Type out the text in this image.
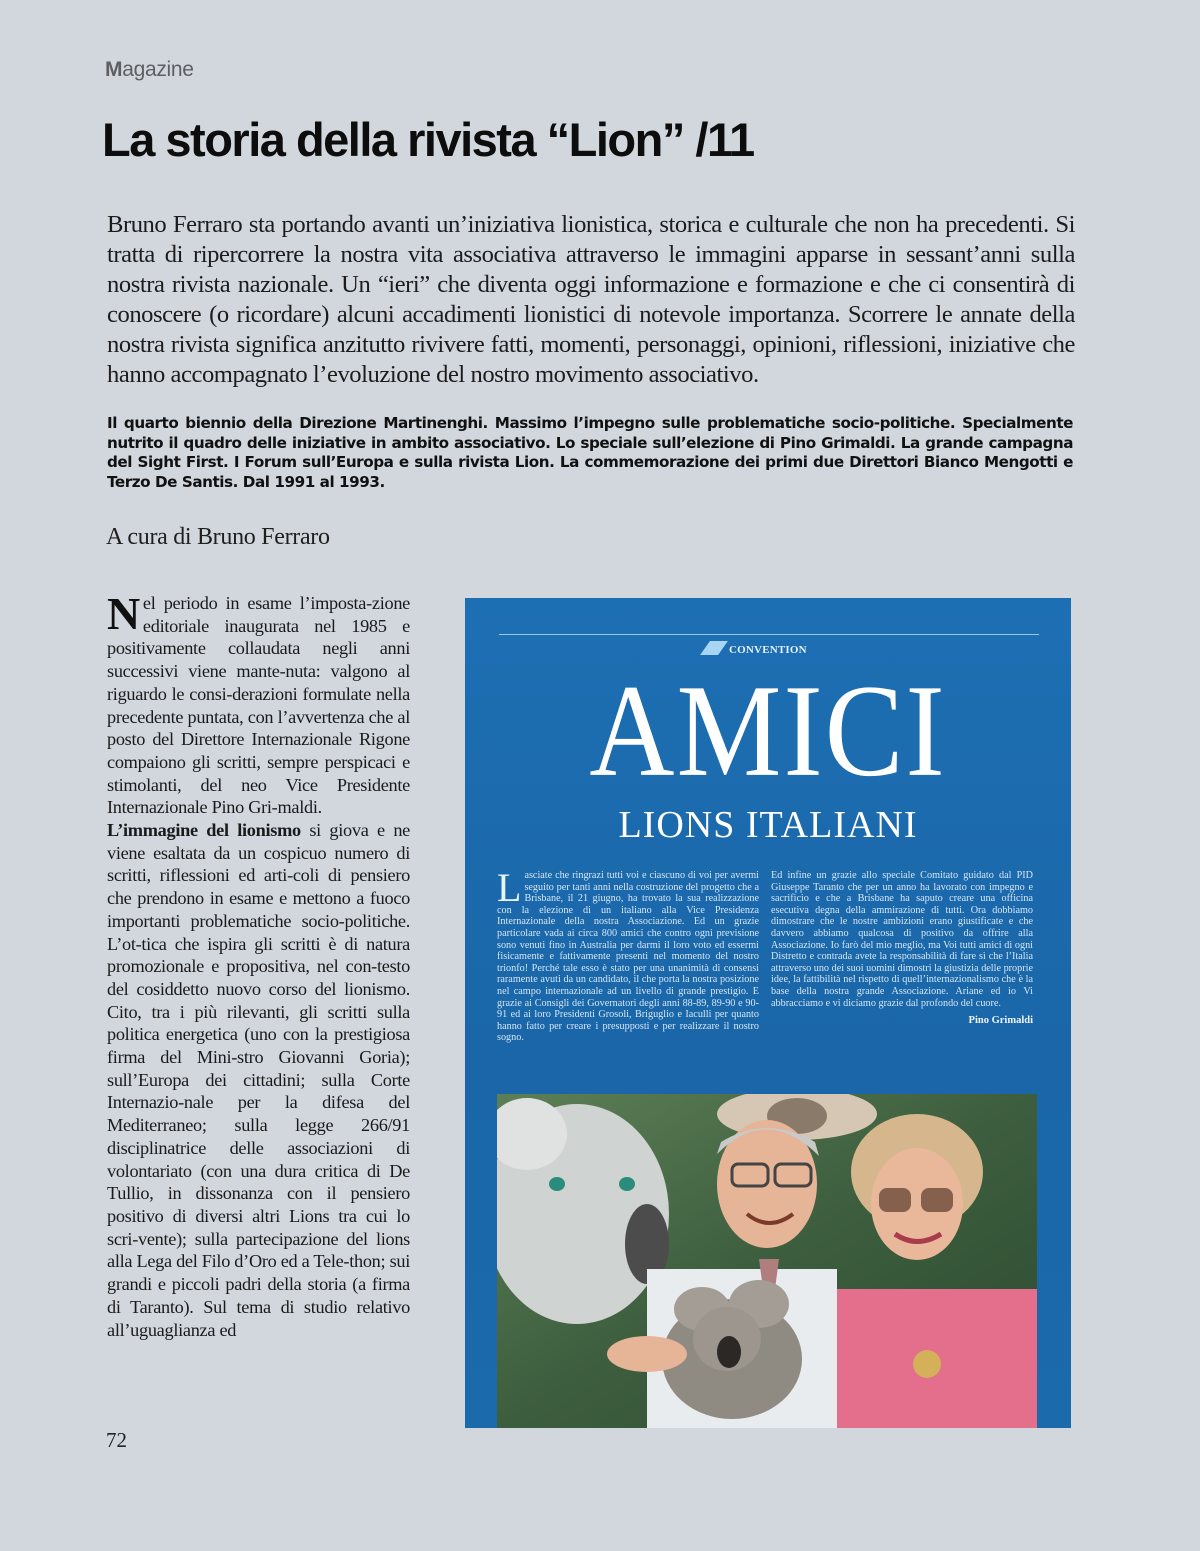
Magazine
La storia della rivista “Lion” /11

Bruno Ferraro sta portando avanti un’iniziativa lionistica, storica e culturale che non ha precedenti. Si tratta di ripercorrere la nostra vita associativa attraverso le immagini apparse in sessant’anni sulla nostra rivista nazionale. Un “ieri” che diventa oggi informazione e formazione e che ci consentirà di conoscere (o ricordare) alcuni accadimenti lionistici di notevole importanza. Scorrere le annate della nostra rivista significa anzitutto rivivere fatti, momenti, personaggi, opinioni, riflessioni, iniziative che hanno accompagnato l’evoluzione del nostro movimento associativo.

Il quarto biennio della Direzione Martinenghi. Massimo l’impegno sulle problematiche socio-politiche. Specialmente nutrito il quadro delle iniziative in ambito associativo. Lo speciale sull’elezione di Pino Grimaldi. La grande campagna del Sight First. I Forum sull’Europa e sulla rivista Lion. La commemorazione dei primi due Direttori Bianco Mengotti e Terzo De Santis. Dal 1991 al 1993.

A cura di Bruno Ferraro

Nel periodo in esame l’imposta-zione editoriale inaugurata nel 1985 e positivamente collaudata negli anni successivi viene mante-nuta: valgono al riguardo le consi-derazioni formulate nella precedente puntata, con l’avvertenza che al posto del Direttore Internazionale Rigone compaiono gli scritti, sempre perspicaci e stimolanti, del neo Vice Presidente Internazionale Pino Gri-maldi.
L’immagine del lionismo si giova e ne viene esaltata da un cospicuo numero di scritti, riflessioni ed arti-coli di pensiero che prendono in esame e mettono a fuoco importanti problematiche socio-politiche. L’ot-tica che ispira gli scritti è di natura promozionale e propositiva, nel con-testo del cosiddetto nuovo corso del lionismo. Cito, tra i più rilevanti, gli scritti sulla politica energetica (uno con la prestigiosa firma del Mini-stro Giovanni Goria); sull’Europa dei cittadini; sulla Corte Internazio-nale per la difesa del Mediterraneo; sulla legge 266/91 disciplinatrice delle associazioni di volontariato (con una dura critica di De Tullio, in dissonanza con il pensiero positivo di diversi altri Lions tra cui lo scri-vente); sulla partecipazione del lions alla Lega del Filo d’Oro ed a Tele-thon; sui grandi e piccoli padri della storia (a firma di Taranto). Sul tema di studio relativo all’uguaglianza ed

CONVENTION
AMICI
LIONS ITALIANI

Lasciate che ringrazi tutti voi e ciascuno di voi per avermi seguito per tanti anni nella costruzione del progetto che a Brisbane, il 21 giugno, ha trovato la sua realizzazione con la elezione di un italiano alla Vice Presidenza Internazionale della nostra Associazione. Ed un grazie particolare vada ai circa 800 amici che contro ogni previsione sono venuti fino in Australia per darmi il loro voto ed essermi fisicamente e fattivamente presenti nel momento del nostro trionfo! Perché tale esso è stato per una unanimità di consensi raramente avuti da un candidato, il che porta la nostra posizione nel campo internazionale ad un livello di grande prestigio. E grazie ai Consigli dei Governatori degli anni 88-89, 89-90 e 90-91 ed ai loro Presidenti Grosoli, Briguglio e Iaculli per quanto hanno fatto per creare i presupposti e per realizzare il nostro sogno.

Ed infine un grazie allo speciale Comitato guidato dal PID Giuseppe Taranto che per un anno ha lavorato con impegno e sacrificio e che a Brisbane ha saputo creare una officina esecutiva degna della ammirazione di tutti. Ora dobbiamo dimostrare che le nostre ambizioni erano giustificate e che davvero abbiamo qualcosa di positivo da offrire alla Associazione. Io farò del mio meglio, ma Voi tutti amici di ogni Distretto e contrada avete la responsabilità di fare sì che l’Italia attraverso uno dei suoi uomini dimostri la giustizia delle proprie idee, la fattibilità nel rispetto di quell’internazionalismo che è la base della nostra grande Associazione. Ariane ed io Vi abbracciamo e vi diciamo grazie dal profondo del cuore.
Pino Grimaldi

72
